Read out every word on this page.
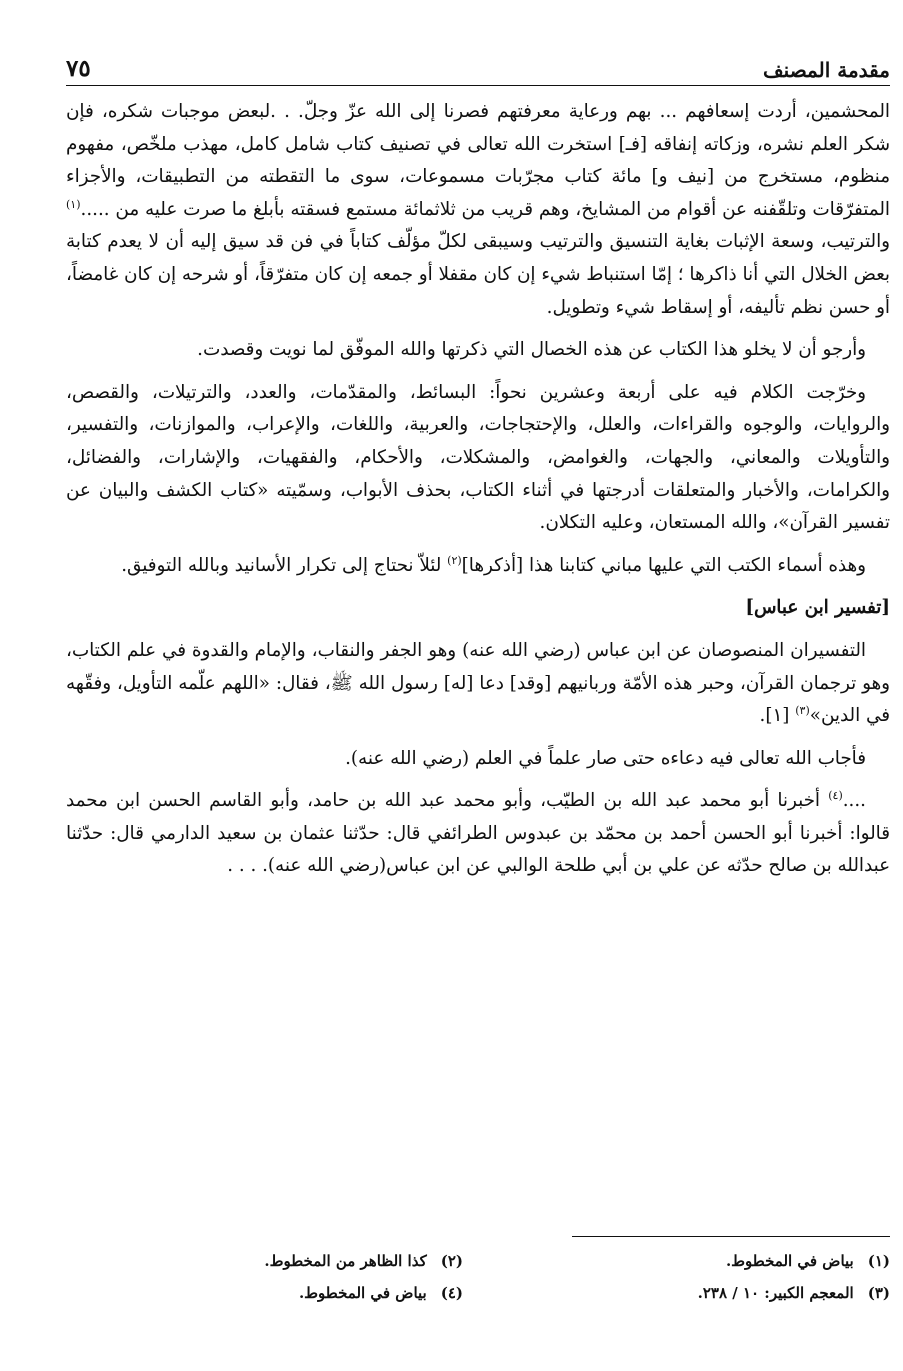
مقدمة المصنف
٧٥

المحشمين، أردت إسعافهم ... بهم ورعاية معرفتهم فصرنا إلى الله عزّ وجلّ. . .لبعض موجبات شكره، فإن شكر العلم نشره، وزكاته إنفاقه [فـ] استخرت الله تعالى في تصنيف كتاب شامل كامل، مهذب ملخّص، مفهوم منظوم، مستخرج من [نيف و] مائة كتاب مجرّبات مسموعات، سوى ما التقطته من التطبيقات، والأجزاء المتفرّقات وتلقّفنه عن أقوام من المشايخ، وهم قريب من ثلاثمائة مستمع فسقته بأبلغ ما صرت عليه من .....$^{(١)}$ والترتيب، وسعة الإثبات بغاية التنسيق والترتيب وسيبقى لكلّ مؤلّف كتاباً في فن قد سيق إليه أن لا يعدم كتابة بعض الخلال التي أنا ذاكرها ؛ إمّا استنباط شيء إن كان مقفلا أو جمعه إن كان متفرّقاً، أو شرحه إن كان غامضاً، أو حسن نظم تأليفه، أو إسقاط شيء وتطويل.

وأرجو أن لا يخلو هذا الكتاب عن هذه الخصال التي ذكرتها والله الموفّق لما نويت وقصدت.

وخرّجت الكلام فيه على أربعة وعشرين نحواً: البسائط، والمقدّمات، والعدد، والترتيلات، والقصص، والروايات، والوجوه والقراءات، والعلل، والإحتجاجات، والعربية، واللغات، والإعراب، والموازنات، والتفسير، والتأويلات والمعاني، والجهات، والغوامض، والمشكلات، والأحكام، والفقهيات، والإشارات، والفضائل، والكرامات، والأخبار والمتعلقات أدرجتها في أثناء الكتاب، بحذف الأبواب، وسمّيته «كتاب الكشف والبيان عن تفسير القرآن»، والله المستعان، وعليه التكلان.

وهذه أسماء الكتب التي عليها مباني كتابنا هذا [أذكرها]$^{(٢)}$ لئلاّ نحتاج إلى تكرار الأسانيد وبالله التوفيق.

[تفسير ابن عباس]

التفسيران المنصوصان عن ابن عباس (رضي الله عنه) وهو الجفر والنقاب، والإمام والقدوة في علم الكتاب، وهو ترجمان القرآن، وحبر هذه الأمّة وربانيهم [وقد] دعا [له] رسول الله ﷺ، فقال: «اللهم علّمه التأويل، وفقّهه في الدين»$^{(٣)}$ [١].

فأجاب الله تعالى فيه دعاءه حتى صار علماً في العلم (رضي الله عنه).

....$^{(٤)}$ أخبرنا أبو محمد عبد الله بن الطيّب، وأبو محمد عبد الله بن حامد، وأبو القاسم الحسن ابن محمد قالوا: أخبرنا أبو الحسن أحمد بن محمّد بن عبدوس الطرائفي قال: حدّثنا عثمان بن سعيد الدارمي قال: حدّثنا عبدالله بن صالح حدّثه عن علي بن أبي طلحة الوالبي عن ابن عباس(رضي الله عنه). . . .

(١)بياض في المخطوط.
(٢)كذا الظاهر من المخطوط.
(٣)المعجم الكبير: ١٠ / ٢٣٨.
(٤)بياض في المخطوط.
